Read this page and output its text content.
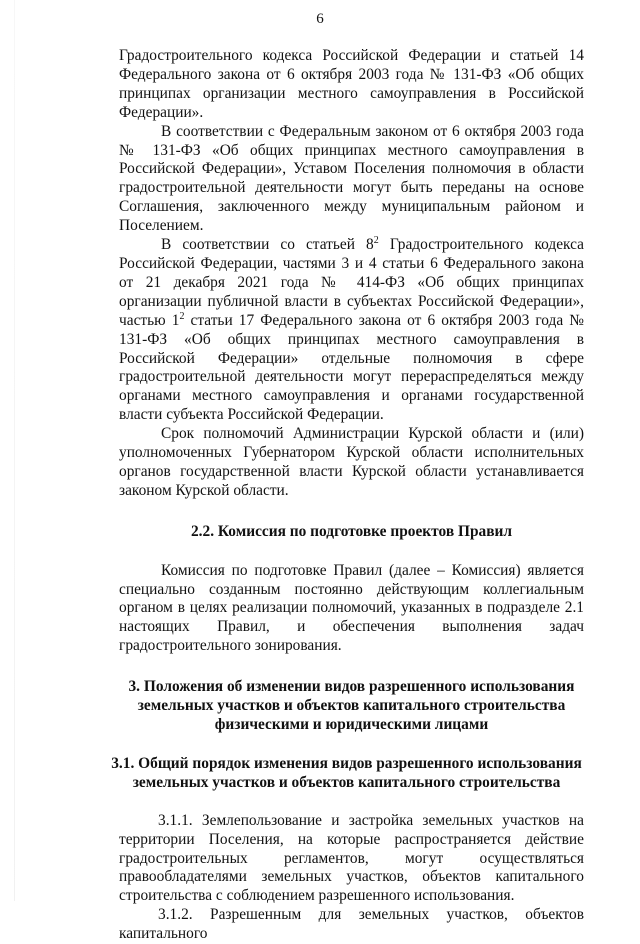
6

Градостроительного кодекса Российской Федерации и статьей 14 Федерального закона от 6 октября 2003 года № 131-ФЗ «Об общих принципах организации местного самоуправления в Российской Федерации».

В соответствии с Федеральным законом от 6 октября 2003 года № 131-ФЗ «Об общих принципах местного самоуправления в Российской Федерации», Уставом Поселения полномочия в области градостроительной деятельности могут быть переданы на основе Соглашения, заключенного между муниципальным районом и Поселением.

В соответствии со статьей $8^2$ Градостроительного кодекса Российской Федерации, частями 3 и 4 статьи 6 Федерального закона от 21 декабря 2021 года № 414-ФЗ «Об общих принципах организации публичной власти в субъектах Российской Федерации», частью $1^2$ статьи 17 Федерального закона от 6 октября 2003 года № 131-ФЗ «Об общих принципах местного самоуправления в Российской Федерации» отдельные полномочия в сфере градостроительной деятельности могут перераспределяться между органами местного самоуправления и органами государственной власти субъекта Российской Федерации.

Срок полномочий Администрации Курской области и (или) уполномоченных Губернатором Курской области исполнительных органов государственной власти Курской области устанавливается законом Курской области.

2.2. Комиссия по подготовке проектов Правил

Комиссия по подготовке Правил (далее – Комиссия) является специально созданным постоянно действующим коллегиальным органом в целях реализации полномочий, указанных в подразделе 2.1 настоящих Правил, и обеспечения выполнения задач градостроительного зонирования.

3. Положения об изменении видов разрешенного использования земельных участков и объектов капитального строительства физическими и юридическими лицами

3.1. Общий порядок изменения видов разрешенного использования земельных участков и объектов капитального строительства

3.1.1. Землепользование и застройка земельных участков на территории Поселения, на которые распространяется действие градостроительных регламентов, могут осуществляться правообладателями земельных участков, объектов капитального строительства с соблюдением разрешенного использования.

3.1.2. Разрешенным для земельных участков, объектов капитального
